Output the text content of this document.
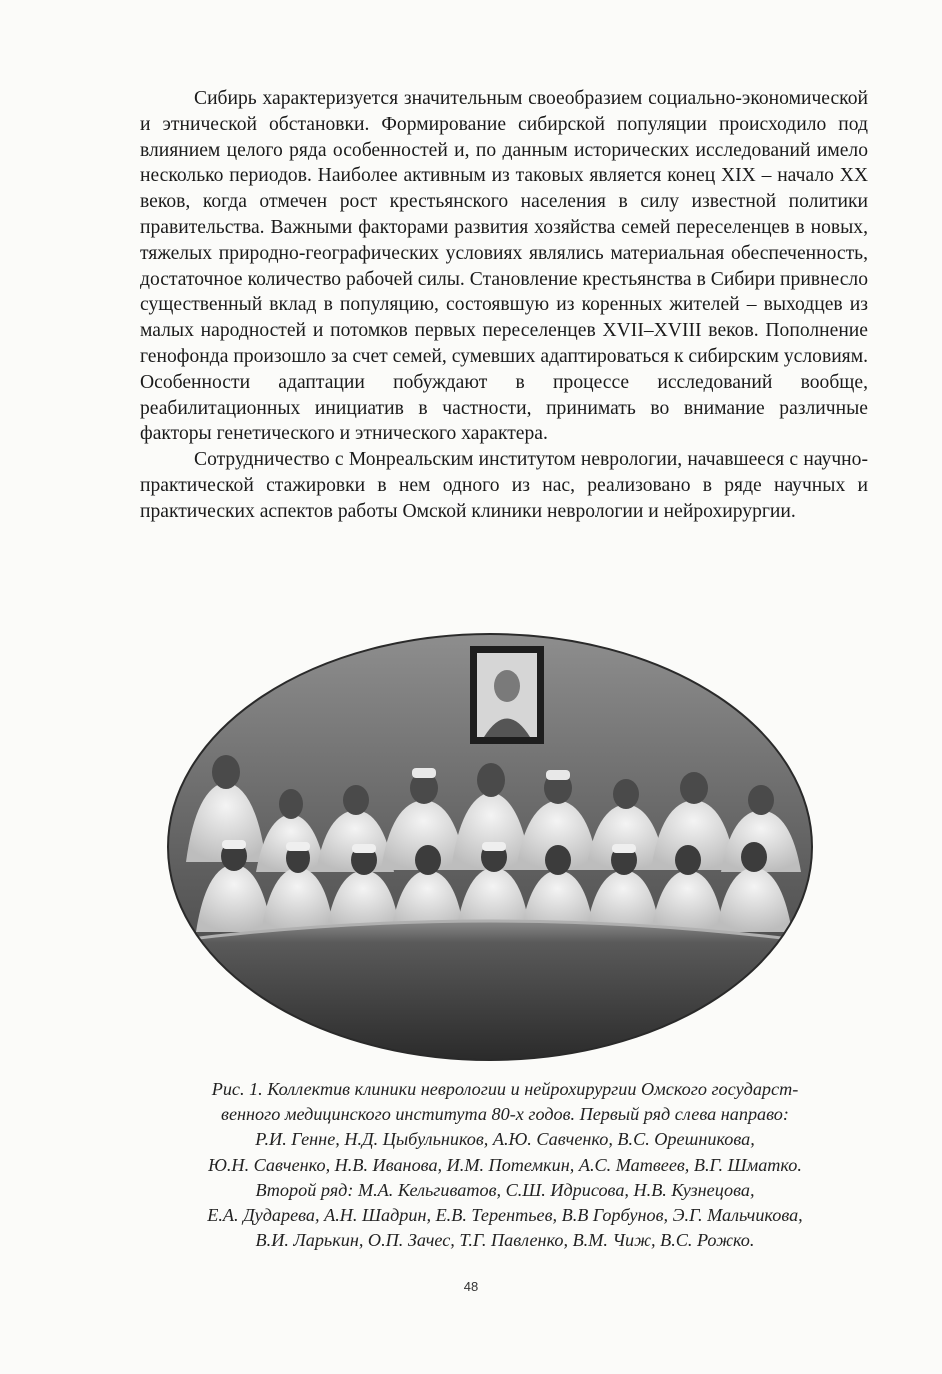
Сибирь характеризуется значительным своеобразием социально-экономической и этнической обстановки. Формирование сибирской популяции происходило под влиянием целого ряда особенностей и, по данным исторических исследований имело несколько периодов. Наиболее активным из таковых является конец XIX – начало XX веков, когда отмечен рост крестьянского населения в силу известной политики правительства. Важными факторами развития хозяйства семей переселенцев в новых, тяжелых природно-географических условиях являлись материальная обеспеченность, достаточное количество рабочей силы. Становление крестьянства в Сибири привнесло существенный вклад в популяцию, состоявшую из коренных жителей – выходцев из малых народностей и потомков первых переселенцев XVII–XVIII веков. Пополнение генофонда произошло за счет семей, сумевших адаптироваться к сибирским условиям. Особенности адаптации побуждают в процессе исследований вообще, реабилитационных инициатив в частности, принимать во внимание различные факторы генетического и этнического характера.

Сотрудничество с Монреальским институтом неврологии, начавшееся с научно-практической стажировки в нем одного из нас, реализовано в ряде научных и практических аспектов работы Омской клиники неврологии и нейрохирургии.

Рис. 1. Коллектив клиники неврологии и нейрохирургии Омского государст-
венного медицинского института 80-х годов. Первый ряд слева направо:
Р.И. Генне, Н.Д. Цыбульников, А.Ю. Савченко, В.С. Орешникова,
Ю.Н. Савченко, Н.В. Иванова, И.М. Потемкин, А.С. Матвеев, В.Г. Шматко.
Второй ряд: М.А. Кельгиватов, С.Ш. Идрисова, Н.В. Кузнецова,
Е.А. Дударева, А.Н. Шадрин, Е.В. Терентьев, В.В Горбунов, Э.Г. Мальчикова,
В.И. Ларькин, О.П. Зачес, Т.Г. Павленко, В.М. Чиж, В.С. Рожко.
48
